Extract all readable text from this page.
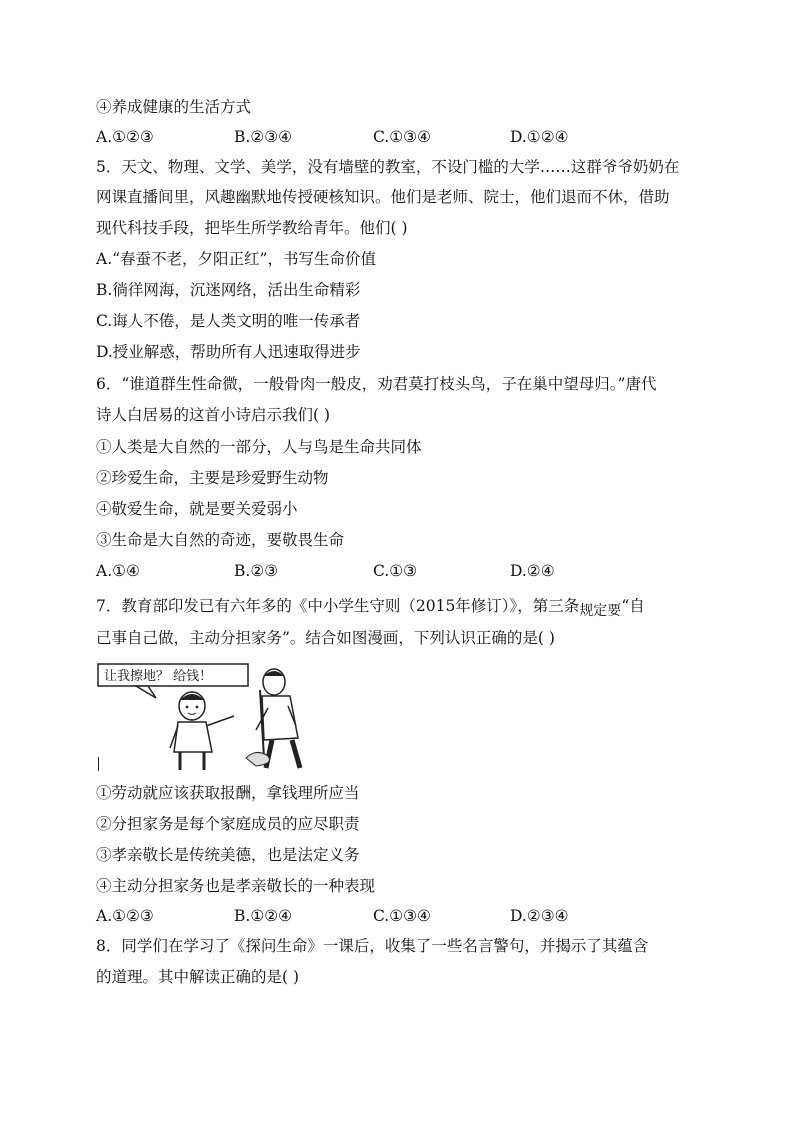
④养成健康的生活方式
A.①②③	B.②③④	C.①③④	D.①②④
5．天文、物理、文学、美学，没有墙壁的教室，不设门槛的大学……这群爷爷奶奶在
网课直播间里，风趣幽默地传授硬核知识。他们是老师、院士，他们退而不休，借助
现代科技手段，把毕生所学教给青年。他们( )
A.“春蚕不老，夕阳正红”，书写生命价值
B.徜徉网海，沉迷网络，活出生命精彩
C.诲人不倦，是人类文明的唯一传承者
D.授业解惑，帮助所有人迅速取得进步
6．“谁道群生性命微，一般骨肉一般皮，劝君莫打枝头鸟，子在巢中望母归。”唐代
诗人白居易的这首小诗启示我们( )
①人类是大自然的一部分，人与鸟是生命共同体
②珍爱生命，主要是珍爱野生动物
④敬爱生命，就是要关爱弱小
③生命是大自然的奇迹，要敬畏生命
A.①④	B.②③	C.①③	D.②④
7．教育部印发已有六年多的《中小学生守则（2015年修订）》，第三条规定要“自
己事自己做，主动分担家务”。结合如图漫画，下列认识正确的是( )
让我擦地？ 给钱！
①劳动就应该获取报酬，拿钱理所应当
②分担家务是每个家庭成员的应尽职责
③孝亲敬长是传统美德，也是法定义务
④主动分担家务也是孝亲敬长的一种表现
A.①②③	B.①②④	C.①③④	D.②③④
8．同学们在学习了《探问生命》一课后，收集了一些名言警句，并揭示了其蕴含
的道理。其中解读正确的是( )
